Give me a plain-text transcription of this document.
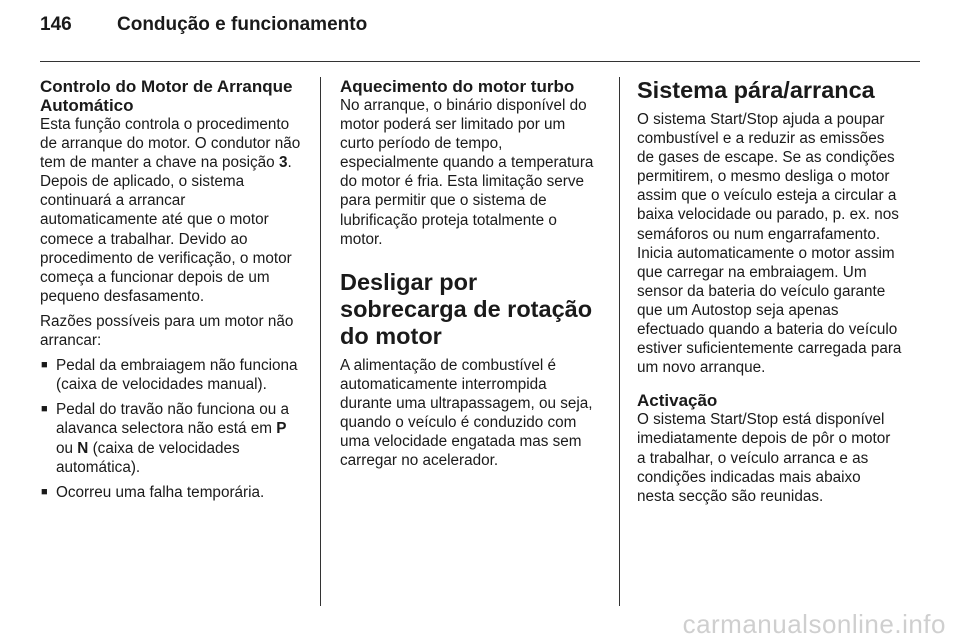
146	Condução e funcionamento
Controlo do Motor de Arranque Automático

Esta função controla o procedimento de arranque do motor. O condutor não tem de manter a chave na posição 3. Depois de aplicado, o sistema continuará a arrancar automaticamente até que o motor comece a trabalhar. Devido ao procedimento de verificação, o motor começa a funcionar depois de um pequeno desfasamento.

Razões possíveis para um motor não arrancar:

■ Pedal da embraiagem não funciona (caixa de velocidades manual).
■ Pedal do travão não funciona ou a alavanca selectora não está em P ou N (caixa de velocidades automática).
■ Ocorreu uma falha temporária.
Aquecimento do motor turbo

No arranque, o binário disponível do motor poderá ser limitado por um curto período de tempo, especialmente quando a temperatura do motor é fria. Esta limitação serve para permitir que o sistema de lubrificação proteja totalmente o motor.

Desligar por sobrecarga de rotação do motor

A alimentação de combustível é automaticamente interrompida durante uma ultrapassagem, ou seja, quando o veículo é conduzido com uma velocidade engatada mas sem carregar no acelerador.

Sistema pára/arranca

O sistema Start/Stop ajuda a poupar combustível e a reduzir as emissões de gases de escape. Se as condições permitirem, o mesmo desliga o motor assim que o veículo esteja a circular a baixa velocidade ou parado, p. ex. nos semáforos ou num engarrafamento. Inicia automaticamente o motor assim que carregar na embraiagem. Um sensor da bateria do veículo garante que um Autostop seja apenas efectuado quando a bateria do veículo estiver suficientemente carregada para um novo arranque.

Activação

O sistema Start/Stop está disponível imediatamente depois de pôr o motor a trabalhar, o veículo arranca e as condições indicadas mais abaixo nesta secção são reunidas.

carmanualsonline.info
